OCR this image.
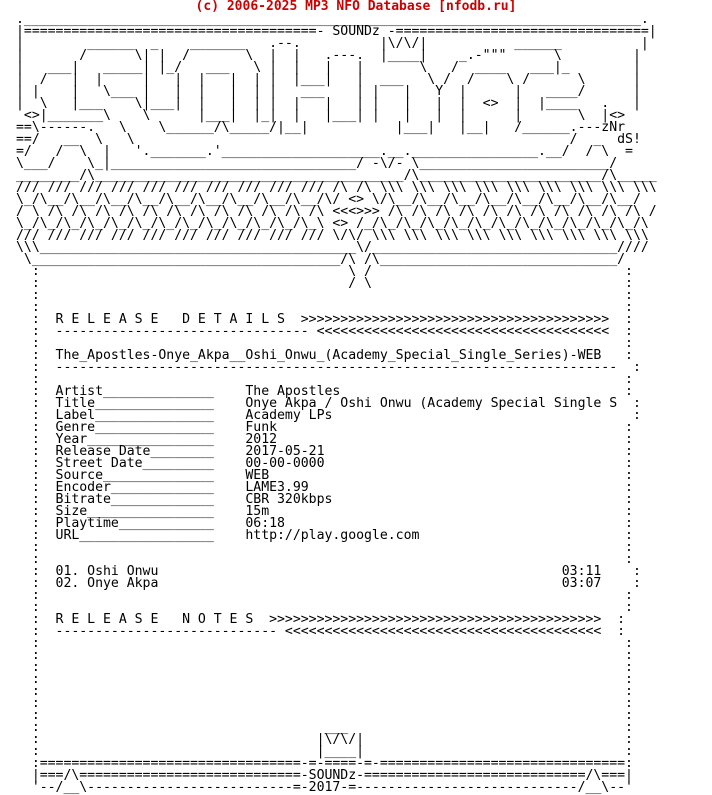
(c) 2006-2025 MP3 NFO Database [nfodb.ru]
.______________________________________________________________________________.
|=====================================- SOUNDz -================================|
|        ______  _    _______   .--.          |\/\/|           ______          |
|       /      \| |  /       \  |  |   .---.  |____|    _.-"""      \         |
|   ___|   _____| |_/   ___   \ |  |   |   |       \   /  ____   ___|_        |
|  /   |  |     |   |  |   |  | |  |___|   |  ___   \ /  /    \ /      \      |
| |    |   \___ |   |  |   |  | |   ___    | |   |   Y  |      |   ____/      |
|  \   |___    \|___|  |   |  | |  |   |   | |   |   |  |  <>  |  |____   .   |
<>|_______\    \      |___|  |_|  |   |___| |   |   |  |      |       \  |<>
==\------.   \    \______/\_____/|__|           |___|   |__|   /______.---zNr
==/   __  \   \                                                       /  _  dS!
=/   /  \  |   '._______.'____________________.__.________________.__/  / \  =
\___/    \_|_______________________________/ -\/- \________________________/
________/\_______________________________________/\_______________________/\_____
/// /// /// /// /// /// /// /// /// /// /\ /\ \\\ \\\ \\\ \\\ \\\ \\\ \\\ \\\ \\\
\_/\__/\__/\__/\__/\__/\__/\__/\__/\__/\/ <> \/\__/\__/\__/\__/\__/\__/\__/\__/
/ \ /\ /\ /\ /\ /\ /\ /\ /\ /\ /\ /\ /\ <<<>>> /\ /\ /\ /\ /\ /\ /\ /\ /\ /\ /\ /
\_/\_/\_/\_/\_/\_/\_/\_/\_/\_/\_/\_/\_\ <> /_/\_/\_/\_/\_/\_/\_/\_/\_/\_/\_/\_/\
/// /// /// /// /// /// /// /// /// /// \/\/ \\\ \\\ \\\ \\\ \\\ \\\ \\\ \\\ \\\
\\\________________________________________\/_______________________________////
\_______________________________________/\ /\______________________________/
:                                       \ /                                :
:                                       / \                                :
:                                                                          :
:                                                                          :
:  R E L E A S E   D E T A I L S  >>>>>>>>>>>>>>>>>>>>>>>>>>>>>>>>>>>>>>>  :
:  -------------------------------- <<<<<<<<<<<<<<<<<<<<<<<<<<<<<<<<<<<<<  :
:                                                                          :
:  The_Apostles-Onye_Akpa__Oshi_Onwu_(Academy_Special_Single_Series)-WEB   :
:  -----------------------------------------------------------------------  :
:                                                                          :
:  Artist______________    The Apostles                                    :
:  Title_______________    Onye Akpa / Oshi Onwu (Academy Special Single S  :
:  Label_______________    Academy LPs                                      :
:  Genre_______________    Funk                                            :
:  Year________________    2012                                            :
:  Release Date________    2017-05-21                                      :
:  Street Date_________    00-00-0000                                      :
:  Source______________    WEB                                             :
:  Encoder_____________    LAME3.99                                        :
:  Bitrate_____________    CBR 320kbps                                     :
:  Size________________    15m                                             :
:  Playtime____________    06:18                                           :
:  URL_________________    http://play.google.com                          :
:                                                                          :
:                                                                          :
:  01. Oshi Onwu                                                   03:11    :
:  02. Onye Akpa                                                   03:07    :
:                                                                          :
:                                                                          :
:  R E L E A S E   N O T E S  >>>>>>>>>>>>>>>>>>>>>>>>>>>>>>>>>>>>>>>>>>  :
:  ---------------------------- <<<<<<<<<<<<<<<<<<<<<<<<<<<<<<<<<<<<<<<<  :
:                                                                          :
:                                                                          :
:                                                                          :
:                                                                          :
:                                                                          :
:                                                                          :
:                                                                          :
:                                    ___                                   :
:                                   |\/\/|                                 :
:                                   |____|                                 :
:=================================-=-====-=-===============================:
|===/\============================-SOUNDz-============================/\===|
'--/__\--------------------------=-2017-=----------------------------/__\--'
